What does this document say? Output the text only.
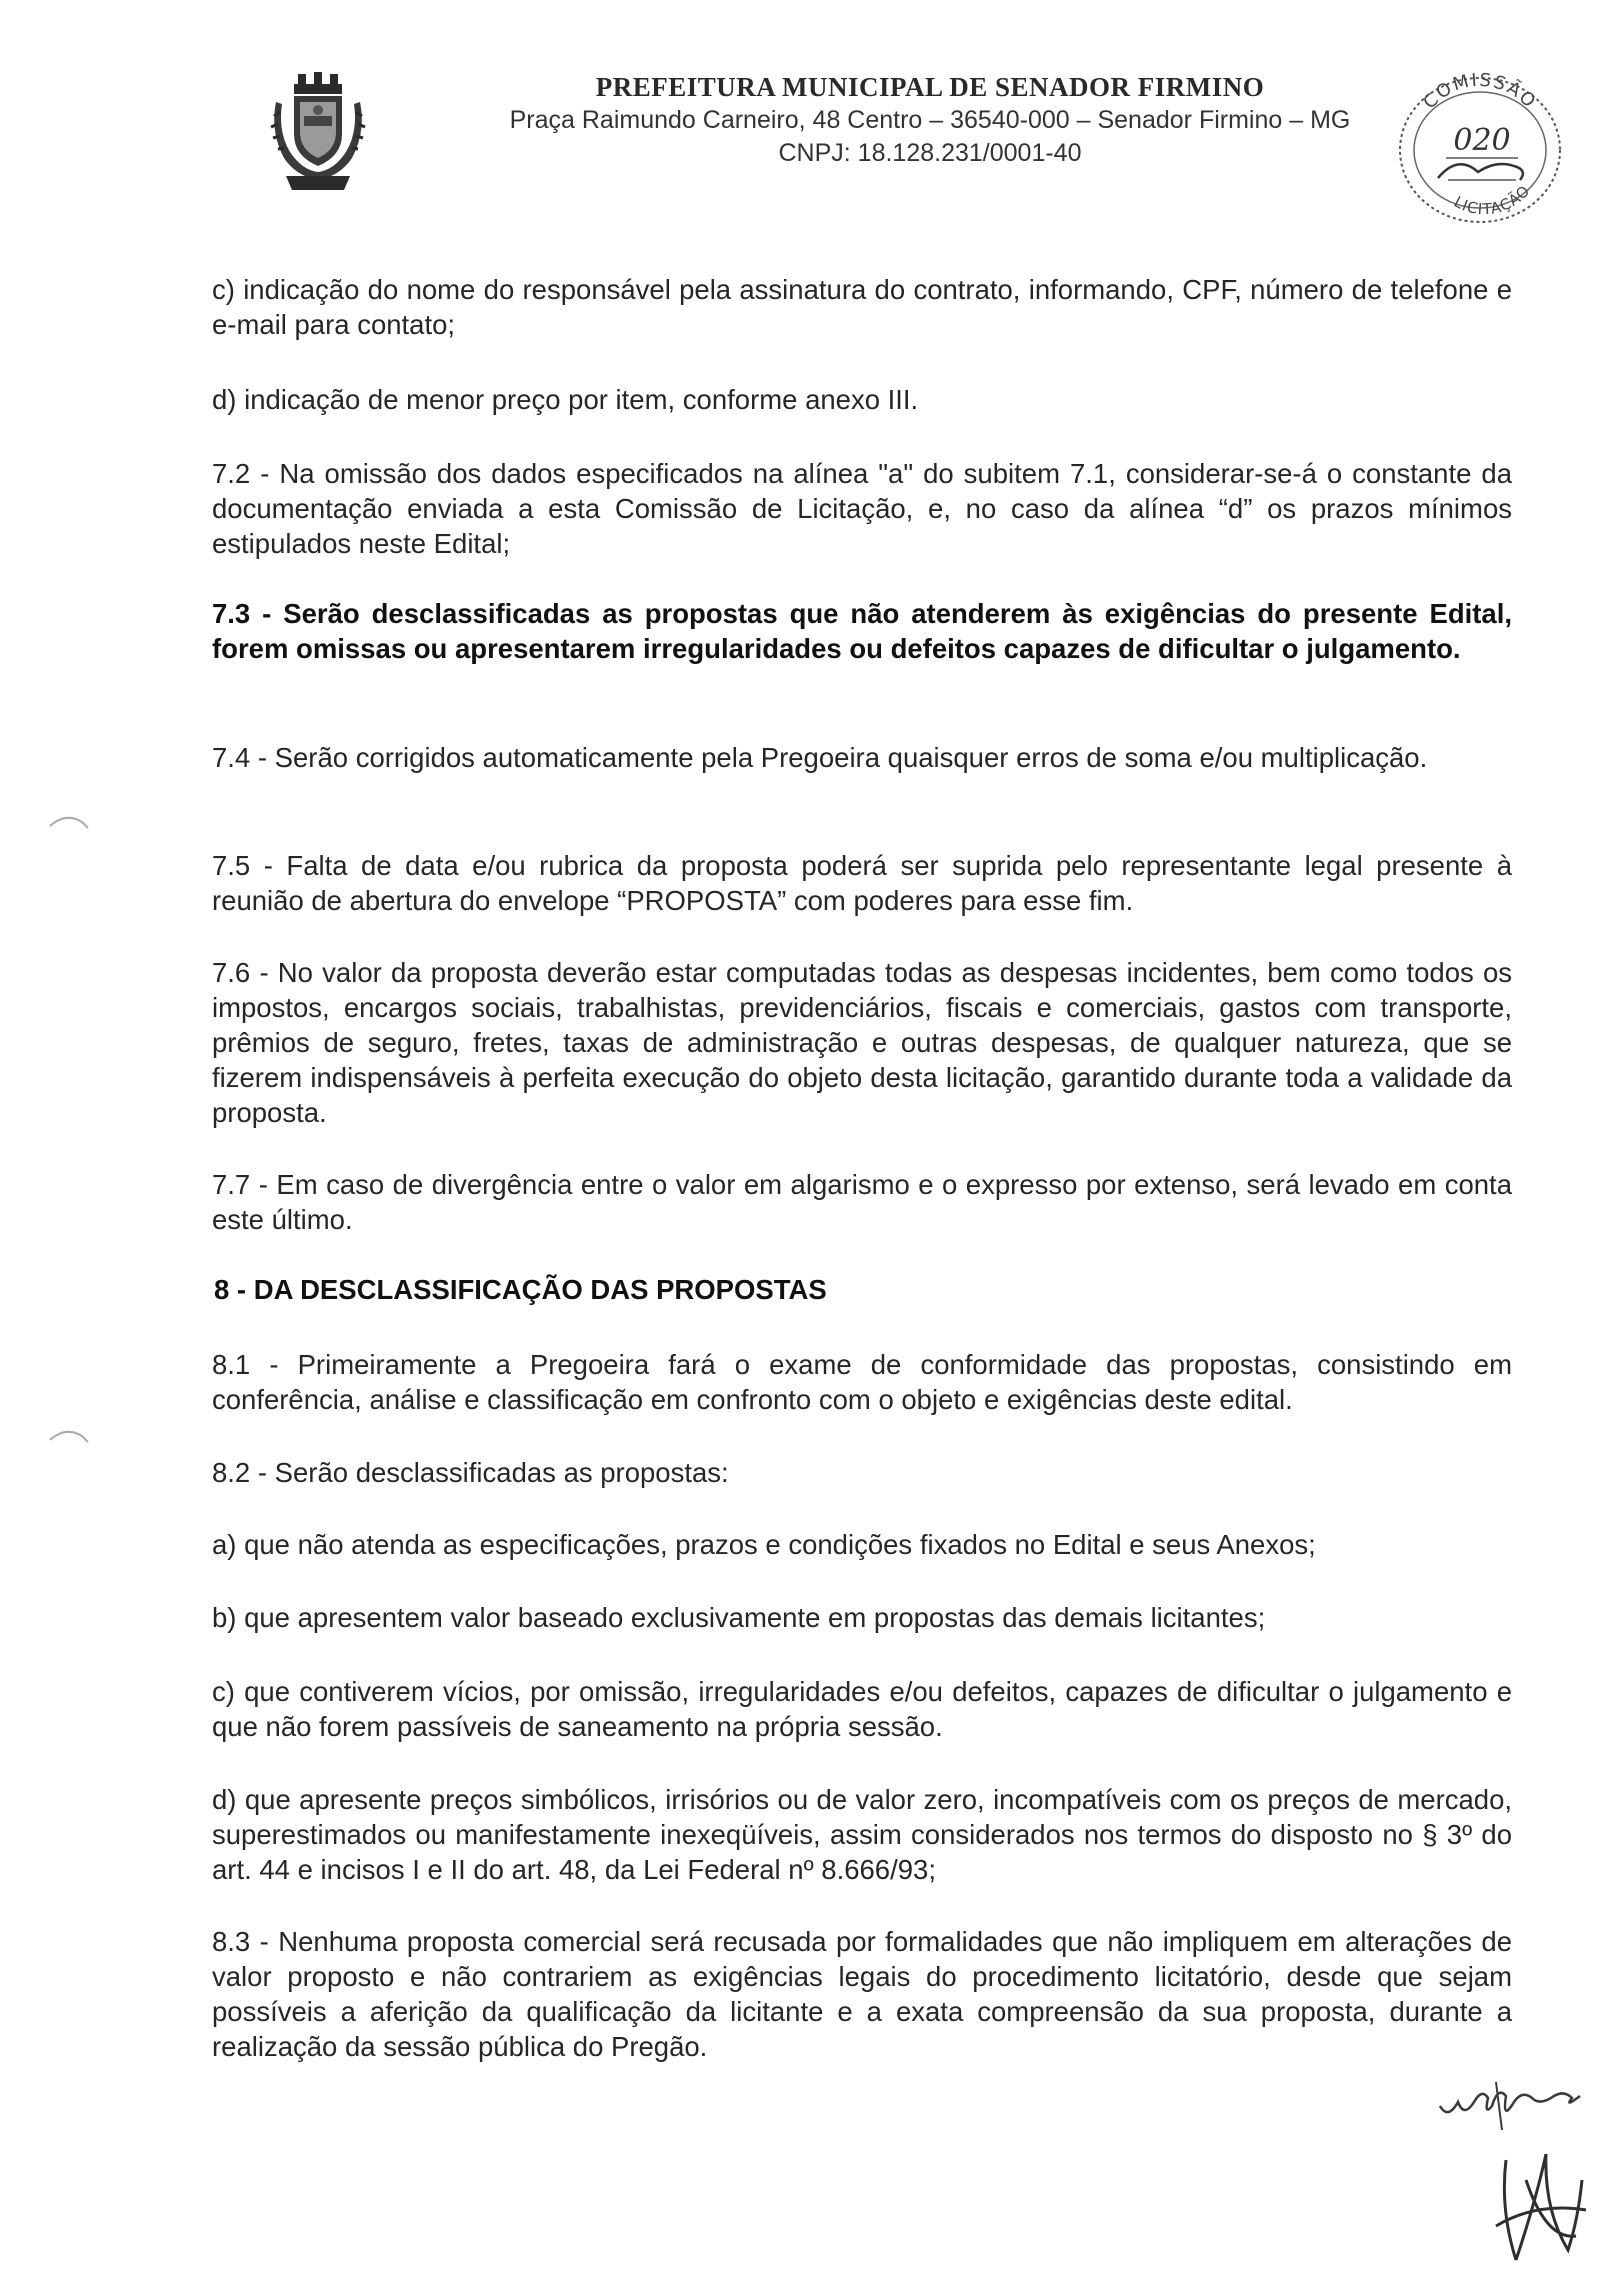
PREFEITURA MUNICIPAL DE SENADOR FIRMINO
Praça Raimundo Carneiro, 48 Centro – 36540-000 – Senador Firmino – MG
CNPJ: 18.128.231/0001-40
COMISSÃO
020
LICITAÇÃO
c) indicação do nome do responsável pela assinatura do contrato, informando, CPF, número de telefone e e-mail para contato;
d) indicação de menor preço por item, conforme anexo III.
7.2 - Na omissão dos dados especificados na alínea "a" do subitem 7.1, considerar-se-á o constante da documentação enviada a esta Comissão de Licitação, e, no caso da alínea “d” os prazos mínimos estipulados neste Edital;
7.3 - Serão desclassificadas as propostas que não atenderem às exigências do presente Edital, forem omissas ou apresentarem irregularidades ou defeitos capazes de dificultar o julgamento.
7.4 - Serão corrigidos automaticamente pela Pregoeira quaisquer erros de soma e/ou multiplicação.
7.5 - Falta de data e/ou rubrica da proposta poderá ser suprida pelo representante legal presente à reunião de abertura do envelope “PROPOSTA” com poderes para esse fim.
7.6 - No valor da proposta deverão estar computadas todas as despesas incidentes, bem como todos os impostos, encargos sociais, trabalhistas, previdenciários, fiscais e comerciais, gastos com transporte, prêmios de seguro, fretes, taxas de administração e outras despesas, de qualquer natureza, que se fizerem indispensáveis à perfeita execução do objeto desta licitação, garantido durante toda a validade da proposta.
7.7 - Em caso de divergência entre o valor em algarismo e o expresso por extenso, será levado em conta este último.
8 - DA DESCLASSIFICAÇÃO DAS PROPOSTAS
8.1 - Primeiramente a Pregoeira fará o exame de conformidade das propostas, consistindo em conferência, análise e classificação em confronto com o objeto e exigências deste edital.
8.2 - Serão desclassificadas as propostas:
a) que não atenda as especificações, prazos e condições fixados no Edital e seus Anexos;
b) que apresentem valor baseado exclusivamente em propostas das demais licitantes;
c) que contiverem vícios, por omissão, irregularidades e/ou defeitos, capazes de dificultar o julgamento e que não forem passíveis de saneamento na própria sessão.
d) que apresente preços simbólicos, irrisórios ou de valor zero, incompatíveis com os preços de mercado, superestimados ou manifestamente inexeqüíveis, assim considerados nos termos do disposto no § 3º do art. 44 e incisos I e II do art. 48, da Lei Federal nº 8.666/93;
8.3 - Nenhuma proposta comercial será recusada por formalidades que não impliquem em alterações de valor proposto e não contrariem as exigências legais do procedimento licitatório, desde que sejam possíveis a aferição da qualificação da licitante e a exata compreensão da sua proposta, durante a realização da sessão pública do Pregão.
